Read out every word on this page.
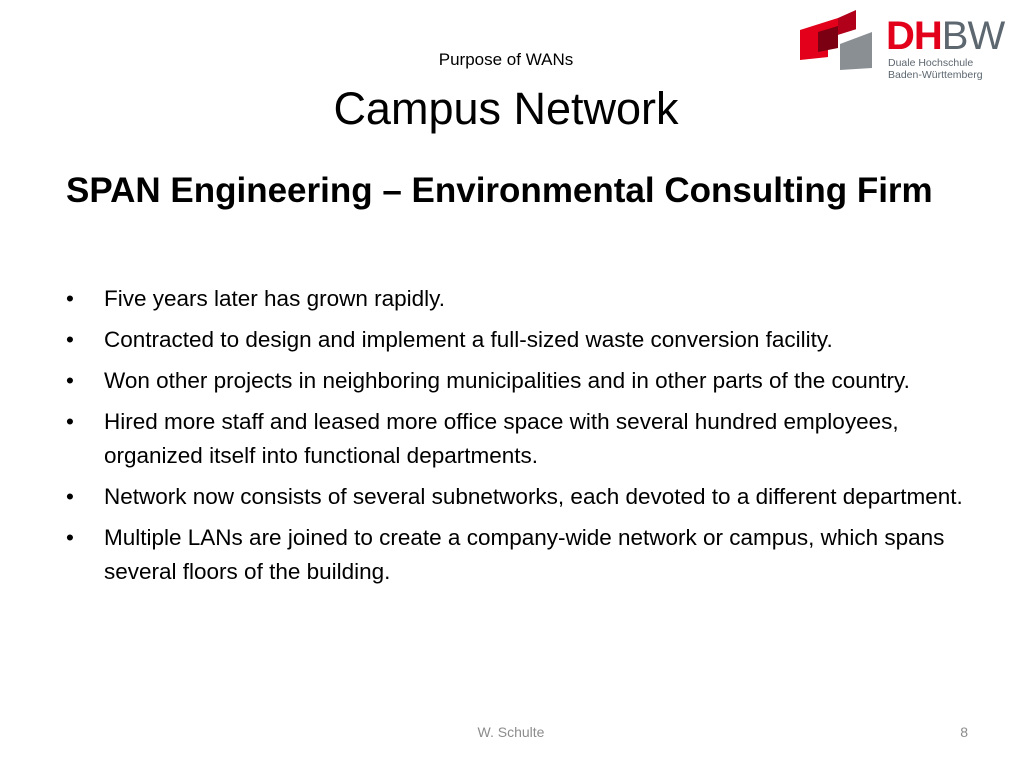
DHBW
Duale Hochschule
Baden-Württemberg
Purpose of WANs
Campus Network
SPAN Engineering – Environmental Consulting Firm
•	Five years later has grown rapidly.
•	Contracted to design and implement a full-sized waste conversion facility.
•	Won other projects in neighboring municipalities and in other parts of the country.
•	Hired more staff and leased more office space with several hundred employees, organized itself into functional departments.
•	Network now consists of several subnetworks, each devoted to a different department.
•	Multiple LANs are joined to create a company-wide network or campus, which spans several floors of the building.
W. Schulte	8
